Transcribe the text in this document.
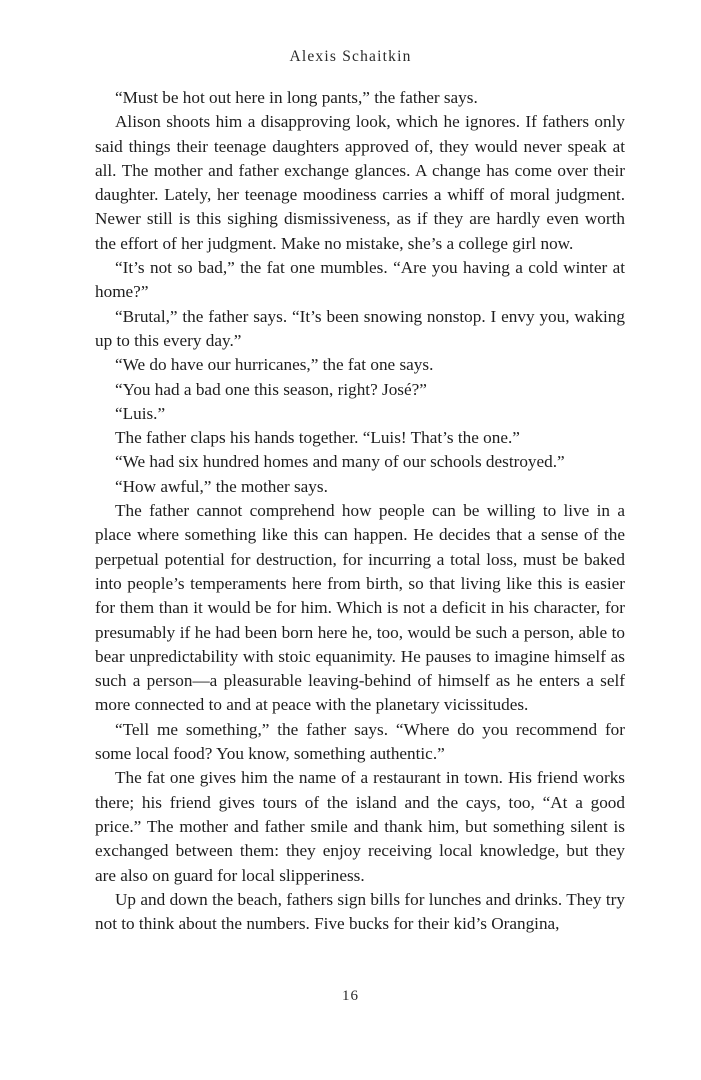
Alexis Schaitkin

“Must be hot out here in long pants,” the father says.

Alison shoots him a disapproving look, which he ignores. If fathers only said things their teenage daughters approved of, they would never speak at all. The mother and father exchange glances. A change has come over their daughter. Lately, her teenage moodiness carries a whiff of moral judgment. Newer still is this sighing dismissiveness, as if they are hardly even worth the effort of her judgment. Make no mistake, she’s a college girl now.

“It’s not so bad,” the fat one mumbles. “Are you having a cold winter at home?”

“Brutal,” the father says. “It’s been snowing nonstop. I envy you, waking up to this every day.”

“We do have our hurricanes,” the fat one says.

“You had a bad one this season, right? José?”

“Luis.”

The father claps his hands together. “Luis! That’s the one.”

“We had six hundred homes and many of our schools destroyed.”

“How awful,” the mother says.

The father cannot comprehend how people can be willing to live in a place where something like this can happen. He decides that a sense of the perpetual potential for destruction, for incurring a total loss, must be baked into people’s temperaments here from birth, so that living like this is easier for them than it would be for him. Which is not a deficit in his character, for presumably if he had been born here he, too, would be such a person, able to bear unpredictability with stoic equanimity. He pauses to imagine himself as such a person—a pleasurable leaving-behind of himself as he enters a self more connected to and at peace with the planetary vicissitudes.

“Tell me something,” the father says. “Where do you recommend for some local food? You know, something authentic.”

The fat one gives him the name of a restaurant in town. His friend works there; his friend gives tours of the island and the cays, too, “At a good price.” The mother and father smile and thank him, but something silent is exchanged between them: they enjoy receiving local knowledge, but they are also on guard for local slipperiness.

Up and down the beach, fathers sign bills for lunches and drinks. They try not to think about the numbers. Five bucks for their kid’s Orangina,

16
